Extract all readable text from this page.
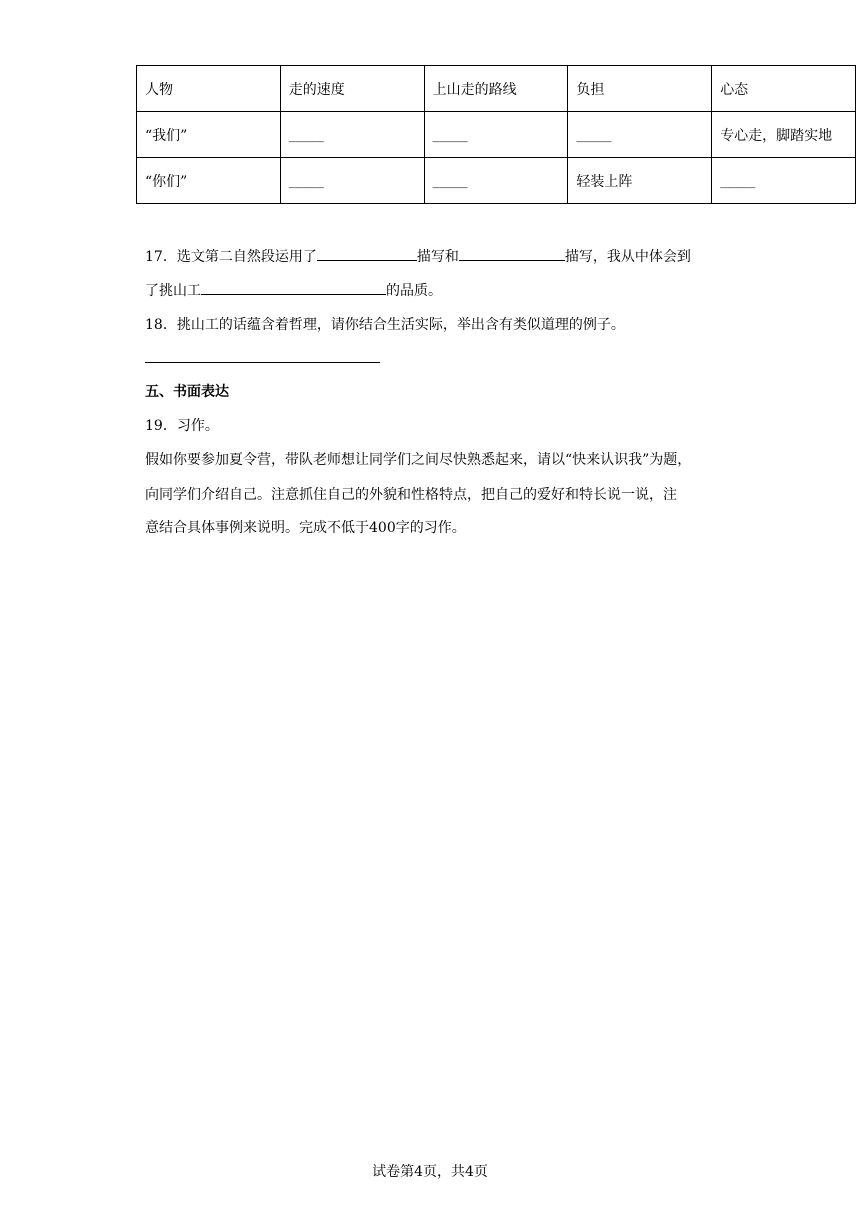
人物	走的速度	上山走的路线	负担	心态
“我们”	_____	_____	_____	专心走，脚踏实地
“你们”	_____	_____	轻装上阵	_____
17．选文第二自然段运用了	描写和	描写，我从中体会到
了挑山工	的品质。
18．挑山工的话蕴含着哲理，请你结合生活实际，举出含有类似道理的例子。
五、书面表达
19．习作。
假如你要参加夏令营，带队老师想让同学们之间尽快熟悉起来，请以“快来认识我”为题，
向同学们介绍自己。注意抓住自己的外貌和性格特点，把自己的爱好和特长说一说，注
意结合具体事例来说明。完成不低于400字的习作。
试卷第4页，共4页
